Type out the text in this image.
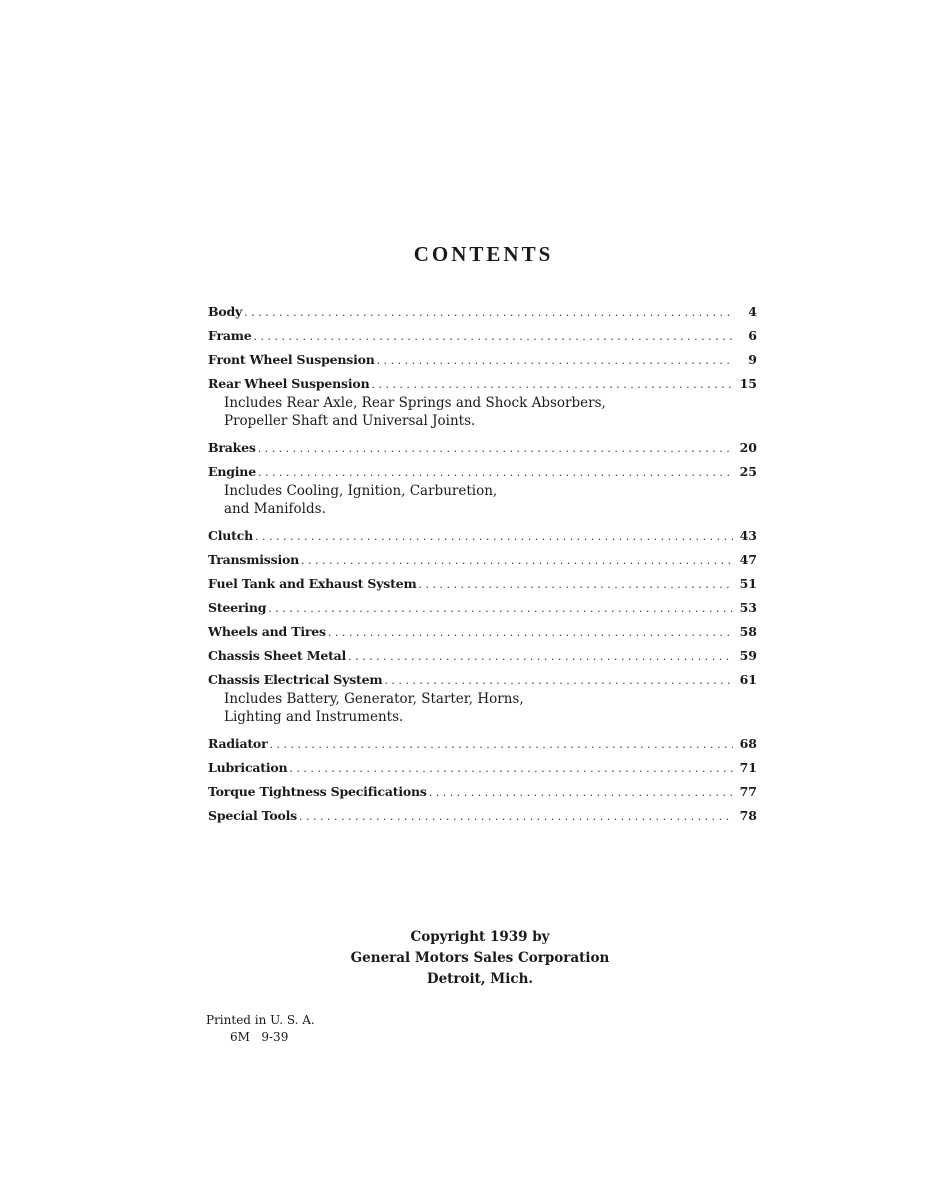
CONTENTS
Body . . .	4
Frame . . .	6
Front Wheel Suspension . . .	9
Rear Wheel Suspension . . .	15
Includes Rear Axle, Rear Springs and Shock Absorbers,
Propeller Shaft and Universal Joints.
Brakes . . .	20
Engine . . .	25
Includes Cooling, Ignition, Carburetion,
and Manifolds.
Clutch . . .	43
Transmission . . .	47
Fuel Tank and Exhaust System . . .	51
Steering . . .	53
Wheels and Tires . . .	58
Chassis Sheet Metal . . .	59
Chassis Electrical System . . .	61
Includes Battery, Generator, Starter, Horns,
Lighting and Instruments.
Radiator . . .	68
Lubrication . . .	71
Torque Tightness Specifications . . .	77
Special Tools . . .	78
Copyright 1939 by
General Motors Sales Corporation
Detroit, Mich.
Printed in U. S. A.
6M   9-39
